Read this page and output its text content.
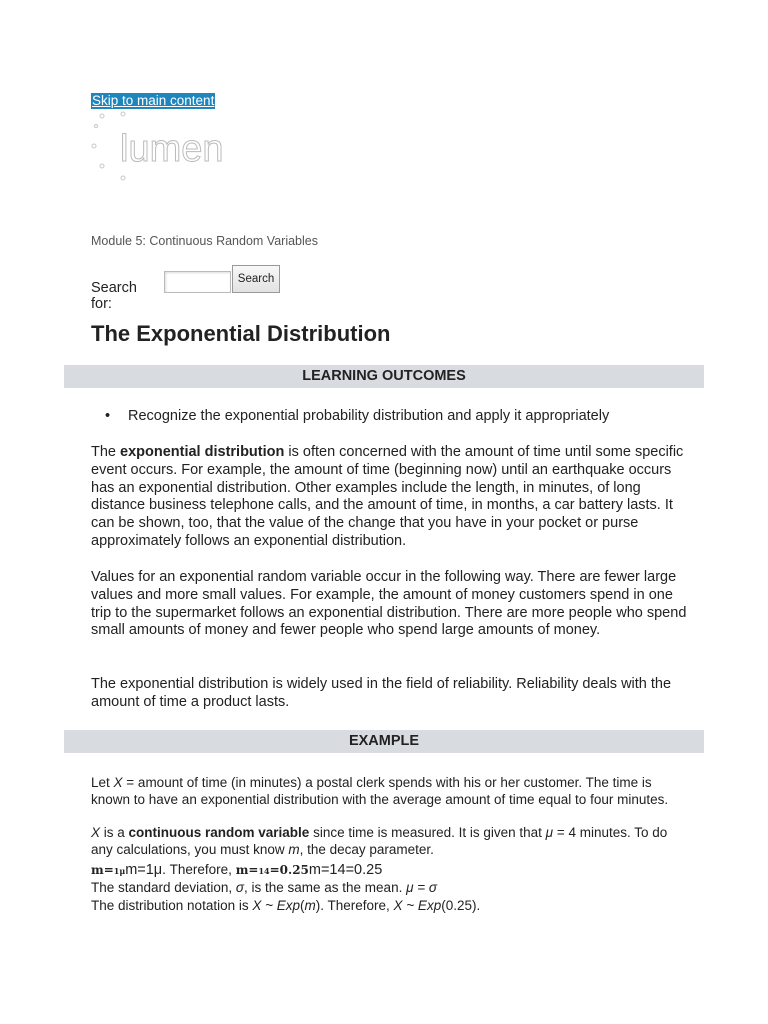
Skip to main content
lumen
Module 5: Continuous Random Variables
Search for:
Search
The Exponential Distribution
LEARNING OUTCOMES
• Recognize the exponential probability distribution and apply it appropriately

The exponential distribution is often concerned with the amount of time until some specific event occurs. For example, the amount of time (beginning now) until an earthquake occurs has an exponential distribution. Other examples include the length, in minutes, of long distance business telephone calls, and the amount of time, in months, a car battery lasts. It can be shown, too, that the value of the change that you have in your pocket or purse approximately follows an exponential distribution.

Values for an exponential random variable occur in the following way. There are fewer large values and more small values. For example, the amount of money customers spend in one trip to the supermarket follows an exponential distribution. There are more people who spend small amounts of money and fewer people who spend large amounts of money.

The exponential distribution is widely used in the field of reliability. Reliability deals with the amount of time a product lasts.

EXAMPLE
Let X = amount of time (in minutes) a postal clerk spends with his or her customer. The time is known to have an exponential distribution with the average amount of time equal to four minutes.
X is a continuous random variable since time is measured. It is given that μ = 4 minutes. To do any calculations, you must know m, the decay parameter.
m=1μm=1μ. Therefore, m=14=0.25m=14=0.25
The standard deviation, σ, is the same as the mean. μ = σ
The distribution notation is X ~ Exp(m). Therefore, X ~ Exp(0.25).
